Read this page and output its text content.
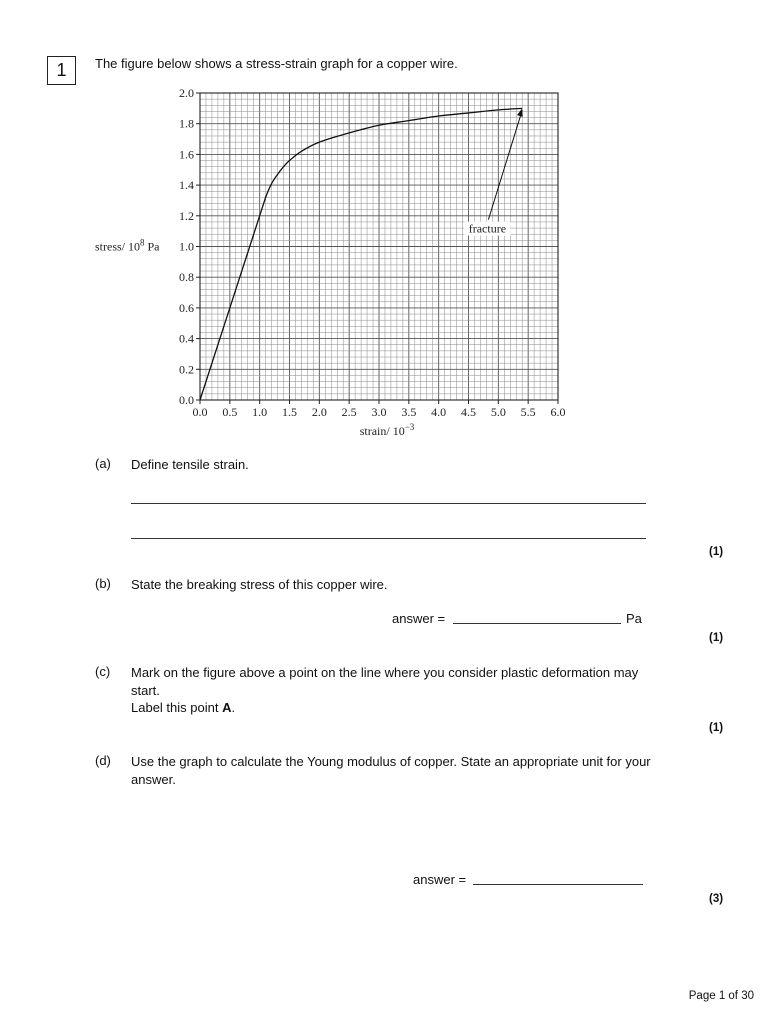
1	The figure below shows a stress-strain graph for a copper wire.
0.0 0.5 1.0 1.5 2.0 2.5 3.0 3.5 4.0 4.5 5.0 5.5 6.0
0.0
0.2
0.4
0.6
0.8
1.0
1.2
1.4
1.6
1.8
2.0
strain/ $10^{-3}$
stress/ $10^8$ Pa
fracture
(a) Define tensile strain.
(1)
(b) State the breaking stress of this copper wire.
answer =	Pa
(1)
(c) Mark on the figure above a point on the line where you consider plastic deformation may
start.
Label this point A.
(1)
(d) Use the graph to calculate the Young modulus of copper. State an appropriate unit for your
answer.
answer =
(3)
Page 1 of 30
